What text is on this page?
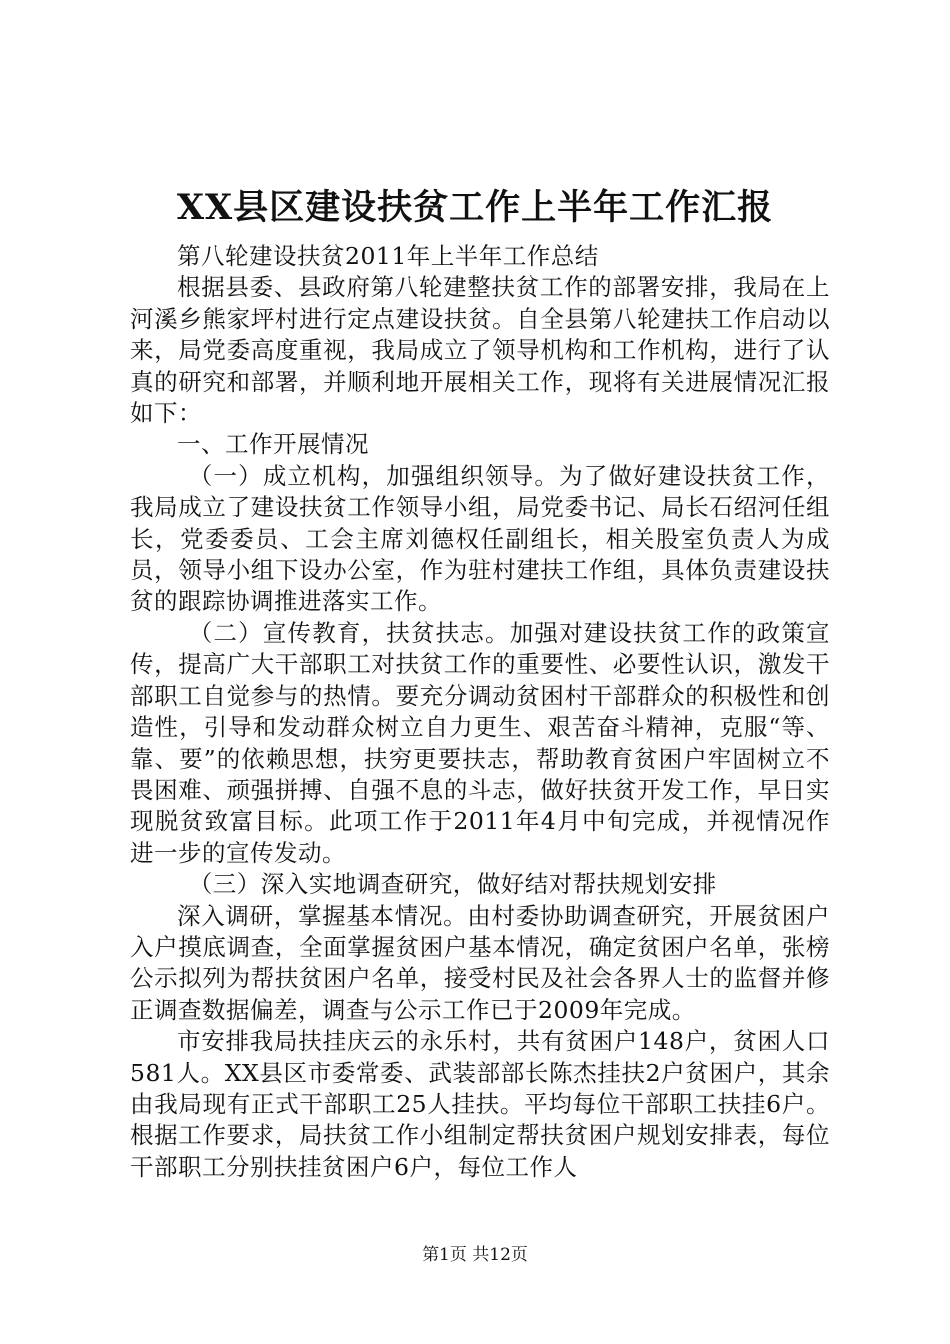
XX县区建设扶贫工作上半年工作汇报

第八轮建设扶贫2011年上半年工作总结

根据县委、县政府第八轮建整扶贫工作的部署安排，我局在上河溪乡熊家坪村进行定点建设扶贫。自全县第八轮建扶工作启动以来，局党委高度重视，我局成立了领导机构和工作机构，进行了认真的研究和部署，并顺利地开展相关工作，现将有关进展情况汇报如下：

一、工作开展情况

（一）成立机构，加强组织领导。为了做好建设扶贫工作，我局成立了建设扶贫工作领导小组，局党委书记、局长石绍河任组长，党委委员、工会主席刘德权任副组长，相关股室负责人为成员，领导小组下设办公室，作为驻村建扶工作组，具体负责建设扶贫的跟踪协调推进落实工作。

（二）宣传教育，扶贫扶志。加强对建设扶贫工作的政策宣传，提高广大干部职工对扶贫工作的重要性、必要性认识，激发干部职工自觉参与的热情。要充分调动贫困村干部群众的积极性和创造性，引导和发动群众树立自力更生、艰苦奋斗精神，克服“等、靠、要”的依赖思想，扶穷更要扶志，帮助教育贫困户牢固树立不畏困难、顽强拼搏、自强不息的斗志，做好扶贫开发工作，早日实现脱贫致富目标。此项工作于2011年4月中旬完成，并视情况作进一步的宣传发动。

（三）深入实地调查研究，做好结对帮扶规划安排

深入调研，掌握基本情况。由村委协助调查研究，开展贫困户入户摸底调查，全面掌握贫困户基本情况，确定贫困户名单，张榜公示拟列为帮扶贫困户名单，接受村民及社会各界人士的监督并修正调查数据偏差，调查与公示工作已于2009年完成。

市安排我局扶挂庆云的永乐村，共有贫困户148户，贫困人口581人。XX县区市委常委、武装部部长陈杰挂扶2户贫困户，其余由我局现有正式干部职工25人挂扶。平均每位干部职工扶挂6户。根据工作要求，局扶贫工作小组制定帮扶贫困户规划安排表，每位干部职工分别扶挂贫困户6户，每位工作人

第1页 共12页
